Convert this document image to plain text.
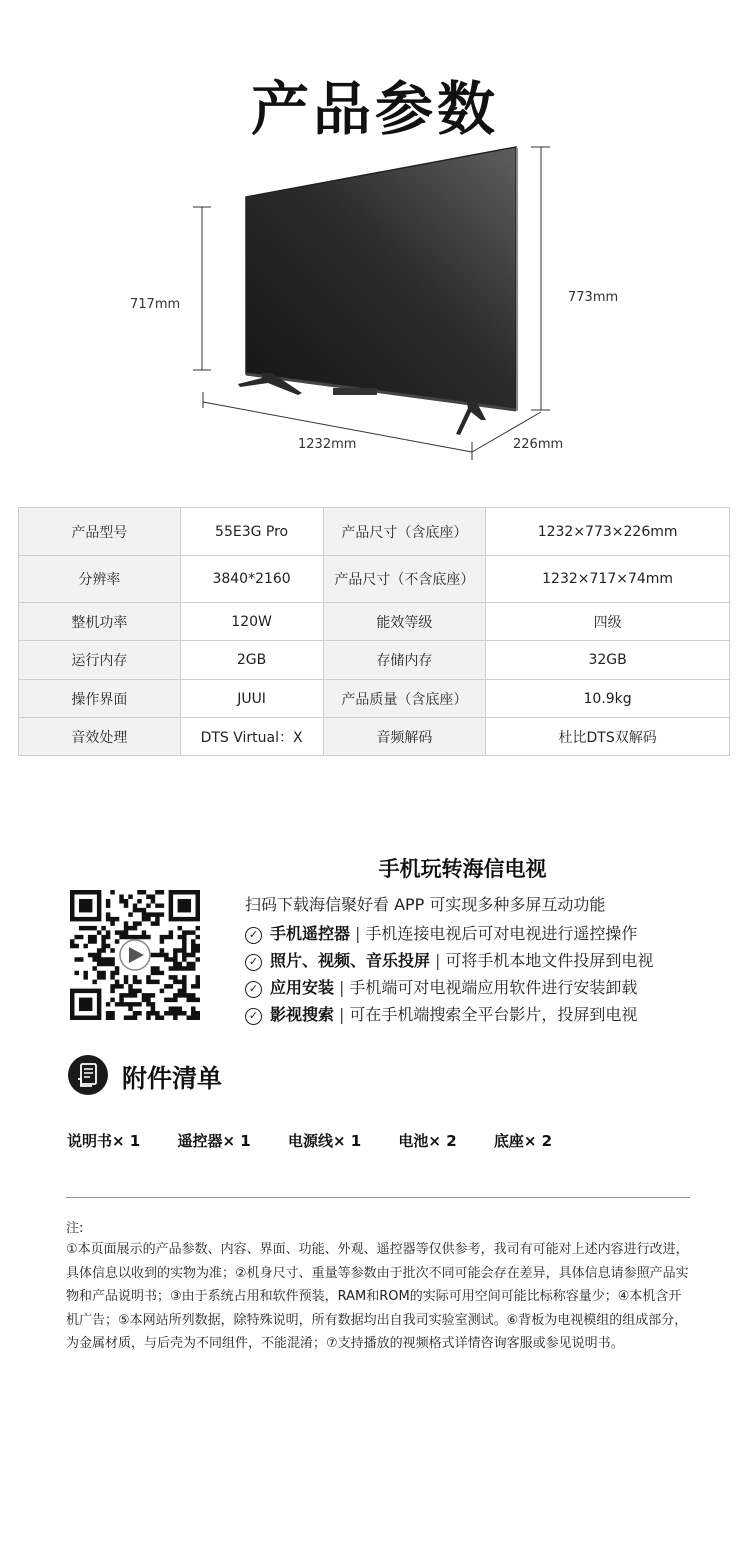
产品参数
717mm	773mm
1232mm	226mm
产品型号	55E3G Pro	产品尺寸（含底座）	1232×773×226mm
分辨率	3840*2160	产品尺寸（不含底座）	1232×717×74mm
整机功率	120W	能效等级	四级
运行内存	2GB	存储内存	32GB
操作界面	JUUI	产品质量（含底座）	10.9kg
音效处理	DTS Virtual：X	音频解码	杜比DTS双解码
手机玩转海信电视
扫码下载海信聚好看 APP 可实现多种多屏互动功能
✓ 手机遥控器 | 手机连接电视后可对电视进行遥控操作
✓ 照片、视频、音乐投屏 | 可将手机本地文件投屏到电视
✓ 应用安装 | 手机端可对电视端应用软件进行安装卸载
✓ 影视搜索 | 可在手机端搜索全平台影片，投屏到电视
附件清单
说明书× 1 遥控器× 1 电源线× 1 电池× 2 底座× 2
注:
①本页面展示的产品参数、内容、界面、功能、外观、遥控器等仅供参考，我司有可能对上述内容进行改进，具体信息以收到的实物为准；②机身尺寸、重量等参数由于批次不同可能会存在差异，具体信息请参照产品实物和产品说明书；③由于系统占用和软件预装，RAM和ROM的实际可用空间可能比标称容量少；④本机含开机广告；⑤本网站所列数据，除特殊说明，所有数据均出自我司实验室测试。⑥背板为电视模组的组成部分，为金属材质，与后壳为不同组件，不能混淆；⑦支持播放的视频格式详情咨询客服或参见说明书。
